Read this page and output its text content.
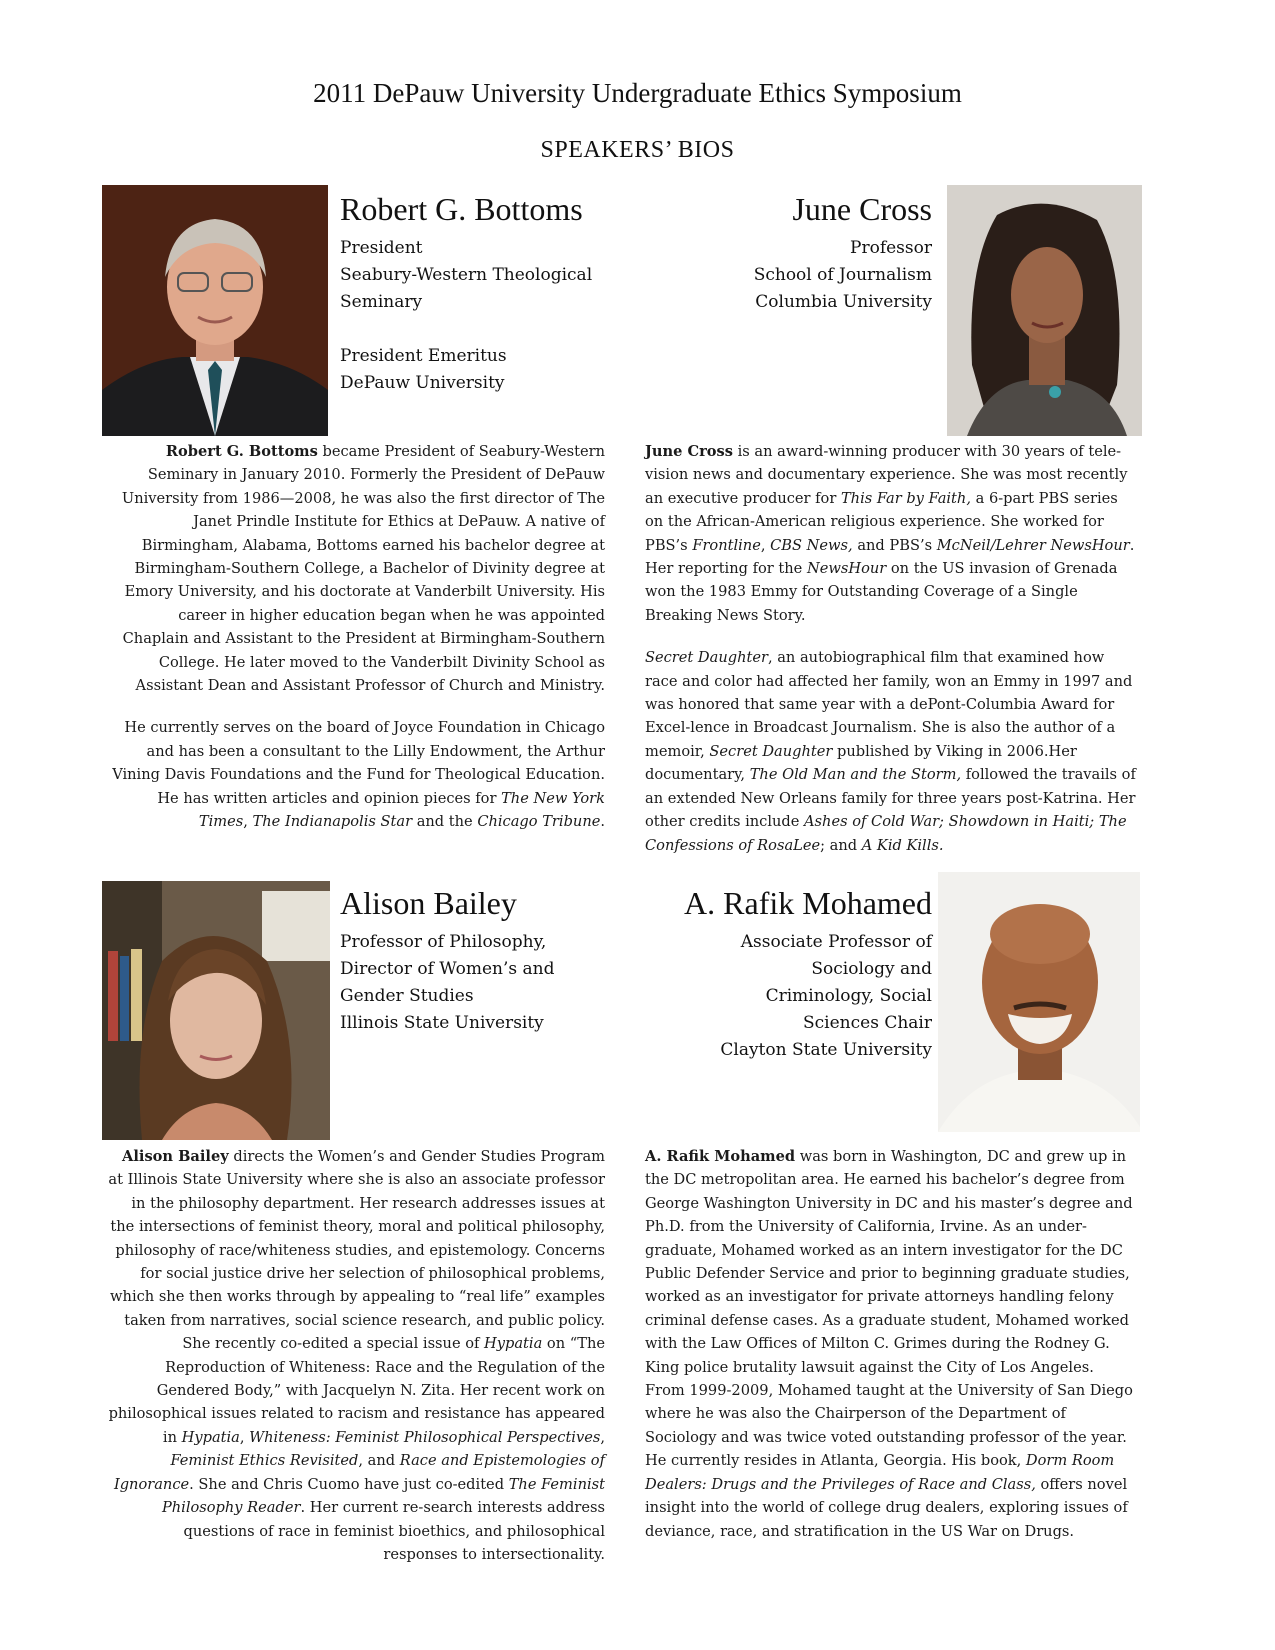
2011 DePauw University Undergraduate Ethics Symposium
SPEAKERS’ BIOS
Robert G. Bottoms
President
Seabury-Western Theological
Seminary
President Emeritus
DePauw University

Robert G. Bottoms became President of Seabury-Western Seminary in January 2010. Formerly the President of DePauw University from 1986—2008, he was also the first director of The Janet Prindle Institute for Ethics at DePauw. A native of Birmingham, Alabama, Bottoms earned his bachelor degree at Birmingham-Southern College, a Bachelor of Divinity degree at Emory University, and his doctorate at Vanderbilt University. His career in higher education began when he was appointed Chaplain and Assistant to the President at Birmingham-Southern College. He later moved to the Vanderbilt Divinity School as Assistant Dean and Assistant Professor of Church and Ministry.

He currently serves on the board of Joyce Foundation in Chicago and has been a consultant to the Lilly Endowment, the Arthur Vining Davis Foundations and the Fund for Theological Education. He has written articles and opinion pieces for The New York Times, The Indianapolis Star and the Chicago Tribune.

June Cross
Professor
School of Journalism
Columbia University

June Cross is an award-winning producer with 30 years of tele-vision news and documentary experience. She was most recently an executive producer for This Far by Faith, a 6-part PBS series on the African-American religious experience. She worked for PBS’s Frontline, CBS News, and PBS’s McNeil/Lehrer NewsHour. Her reporting for the NewsHour on the US invasion of Grenada won the 1983 Emmy for Outstanding Coverage of a Single Breaking News Story.

Secret Daughter, an autobiographical film that examined how race and color had affected her family, won an Emmy in 1997 and was honored that same year with a dePont-Columbia Award for Excel-lence in Broadcast Journalism. She is also the author of a memoir, Secret Daughter published by Viking in 2006.Her documentary, The Old Man and the Storm, followed the travails of an extended New Orleans family for three years post-Katrina. Her other credits include Ashes of Cold War; Showdown in Haiti; The Confessions of RosaLee; and A Kid Kills.

Alison Bailey
Professor of Philosophy,
Director of Women’s and
Gender Studies
Illinois State University

Alison Bailey directs the Women’s and Gender Studies Program at Illinois State University where she is also an associate professor in the philosophy department. Her research addresses issues at the intersections of feminist theory, moral and political philosophy, philosophy of race/whiteness studies, and epistemology. Concerns for social justice drive her selection of philosophical problems, which she then works through by appealing to “real life” examples taken from narratives, social science research, and public policy. She recently co-edited a special issue of Hypatia on “The Reproduction of Whiteness: Race and the Regulation of the Gendered Body,” with Jacquelyn N. Zita. Her recent work on philosophical issues related to racism and resistance has appeared in Hypatia, Whiteness: Feminist Philosophical Perspectives, Feminist Ethics Revisited, and Race and Epistemologies of Ignorance. She and Chris Cuomo have just co-edited The Feminist Philosophy Reader. Her current re-search interests address questions of race in feminist bioethics, and philosophical responses to intersectionality.

A. Rafik Mohamed
Associate Professor of
Sociology and
Criminology, Social
Sciences Chair
Clayton State University

A. Rafik Mohamed was born in Washington, DC and grew up in the DC metropolitan area. He earned his bachelor’s degree from George Washington University in DC and his master’s degree and Ph.D. from the University of California, Irvine. As an under-graduate, Mohamed worked as an intern investigator for the DC Public Defender Service and prior to beginning graduate studies, worked as an investigator for private attorneys handling felony criminal defense cases. As a graduate student, Mohamed worked with the Law Offices of Milton C. Grimes during the Rodney G. King police brutality lawsuit against the City of Los Angeles. From 1999-2009, Mohamed taught at the University of San Diego where he was also the Chairperson of the Department of Sociology and was twice voted outstanding professor of the year. He currently resides in Atlanta, Georgia. His book, Dorm Room Dealers: Drugs and the Privileges of Race and Class, offers novel insight into the world of college drug dealers, exploring issues of deviance, race, and stratification in the US War on Drugs.
